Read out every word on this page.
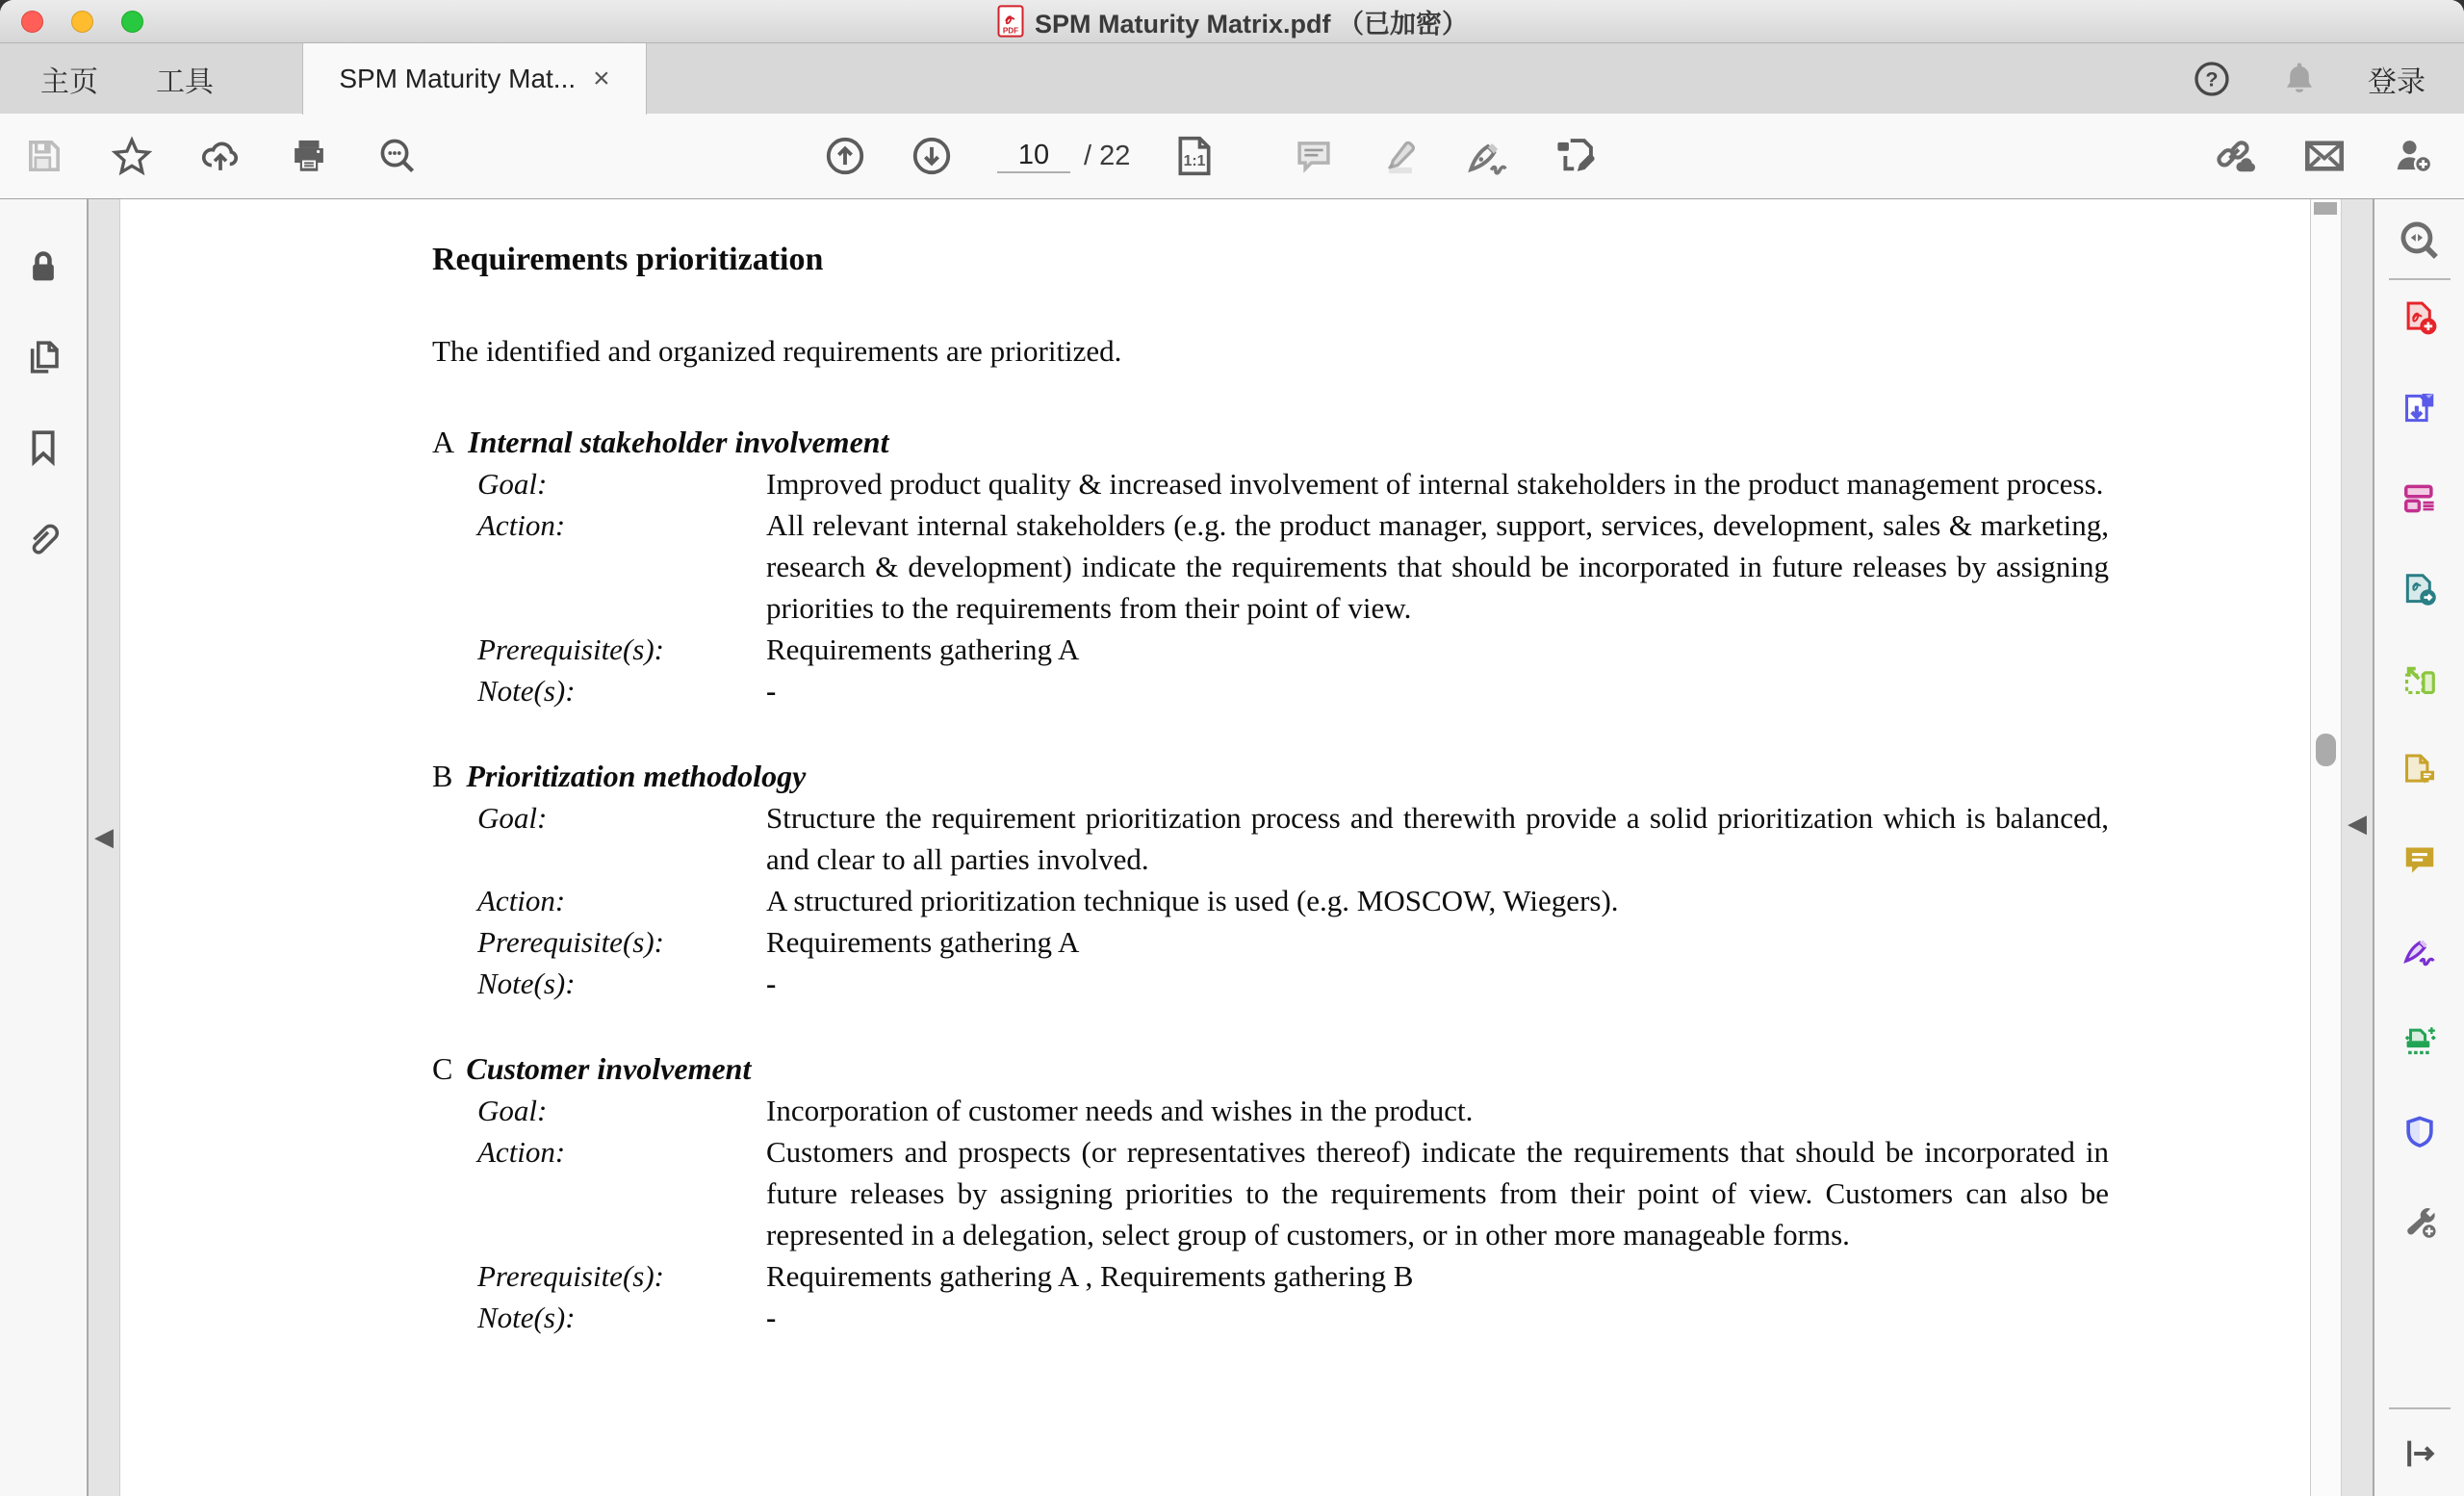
PDF SPM Maturity Matrix.pdf （已加密）
主页	工具	SPM Maturity Mat... ×	?	登录
10
/ 22	1:1
◀
Requirements prioritization
The identified and organized requirements are prioritized.
A Internal stakeholder involvement
Goal:	Improved product quality & increased involvement of internal stakeholders in the product management process.
Action:	All relevant internal stakeholders (e.g. the product manager, support, services, development, sales & marketing, research & development) indicate the requirements that should be incorporated in future releases by assigning priorities to the requirements from their point of view.
Prerequisite(s):	Requirements gathering A
Note(s):	-
B Prioritization methodology
Goal:	Structure the requirement prioritization process and therewith provide a solid prioritization which is balanced, and clear to all parties involved.
Action:	A structured prioritization technique is used (e.g. MOSCOW, Wiegers).
Prerequisite(s):	Requirements gathering A
Note(s):	-
C Customer involvement
Goal:	Incorporation of customer needs and wishes in the product.
Action:	Customers and prospects (or representatives thereof) indicate the requirements that should be incorporated in future releases by assigning priorities to the requirements from their point of view. Customers can also be represented in a delegation, select group of customers, or in other more manageable forms.
Prerequisite(s):	Requirements gathering A , Requirements gathering B
Note(s):	-
◀
